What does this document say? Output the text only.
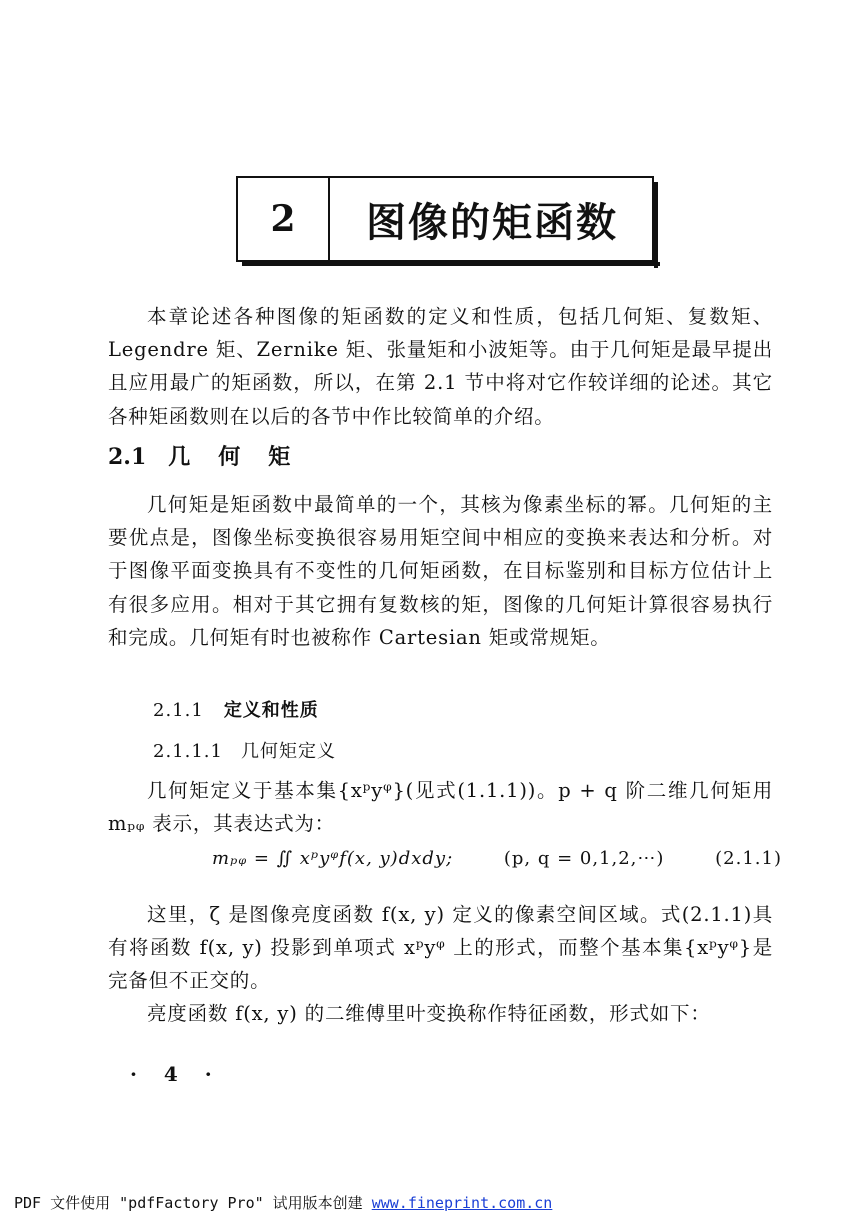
2	图像的矩函数

本章论述各种图像的矩函数的定义和性质，包括几何矩、复数矩、Legendre 矩、Zernike 矩、张量矩和小波矩等。由于几何矩是最早提出且应用最广的矩函数，所以，在第 2.1 节中将对它作较详细的论述。其它各种矩函数则在以后的各节中作比较简单的介绍。

2.1 几何矩

几何矩是矩函数中最简单的一个，其核为像素坐标的幂。几何矩的主要优点是，图像坐标变换很容易用矩空间中相应的变换来表达和分析。对于图像平面变换具有不变性的几何矩函数，在目标鉴别和目标方位估计上有很多应用。相对于其它拥有复数核的矩，图像的几何矩计算很容易执行和完成。几何矩有时也被称作 Cartesian 矩或常规矩。

2.1.1 定义和性质
2.1.1.1 几何矩定义

几何矩定义于基本集{xᵖyᵠ}(见式(1.1.1))。p + q 阶二维几何矩用 mₚᵩ 表示，其表达式为：

mₚᵩ = ∬ xᵖyᵠf(x, y)dxdy;	(p, q = 0,1,2,⋯)	(2.1.1)

这里，ζ 是图像亮度函数 f(x, y) 定义的像素空间区域。式(2.1.1)具有将函数 f(x, y) 投影到单项式 xᵖyᵠ 上的形式，而整个基本集{xᵖyᵠ}是完备但不正交的。

亮度函数 f(x, y) 的二维傅里叶变换称作特征函数，形式如下：

· 4 ·
PDF 文件使用 "pdfFactory Pro" 试用版本创建 www.fineprint.com.cn
